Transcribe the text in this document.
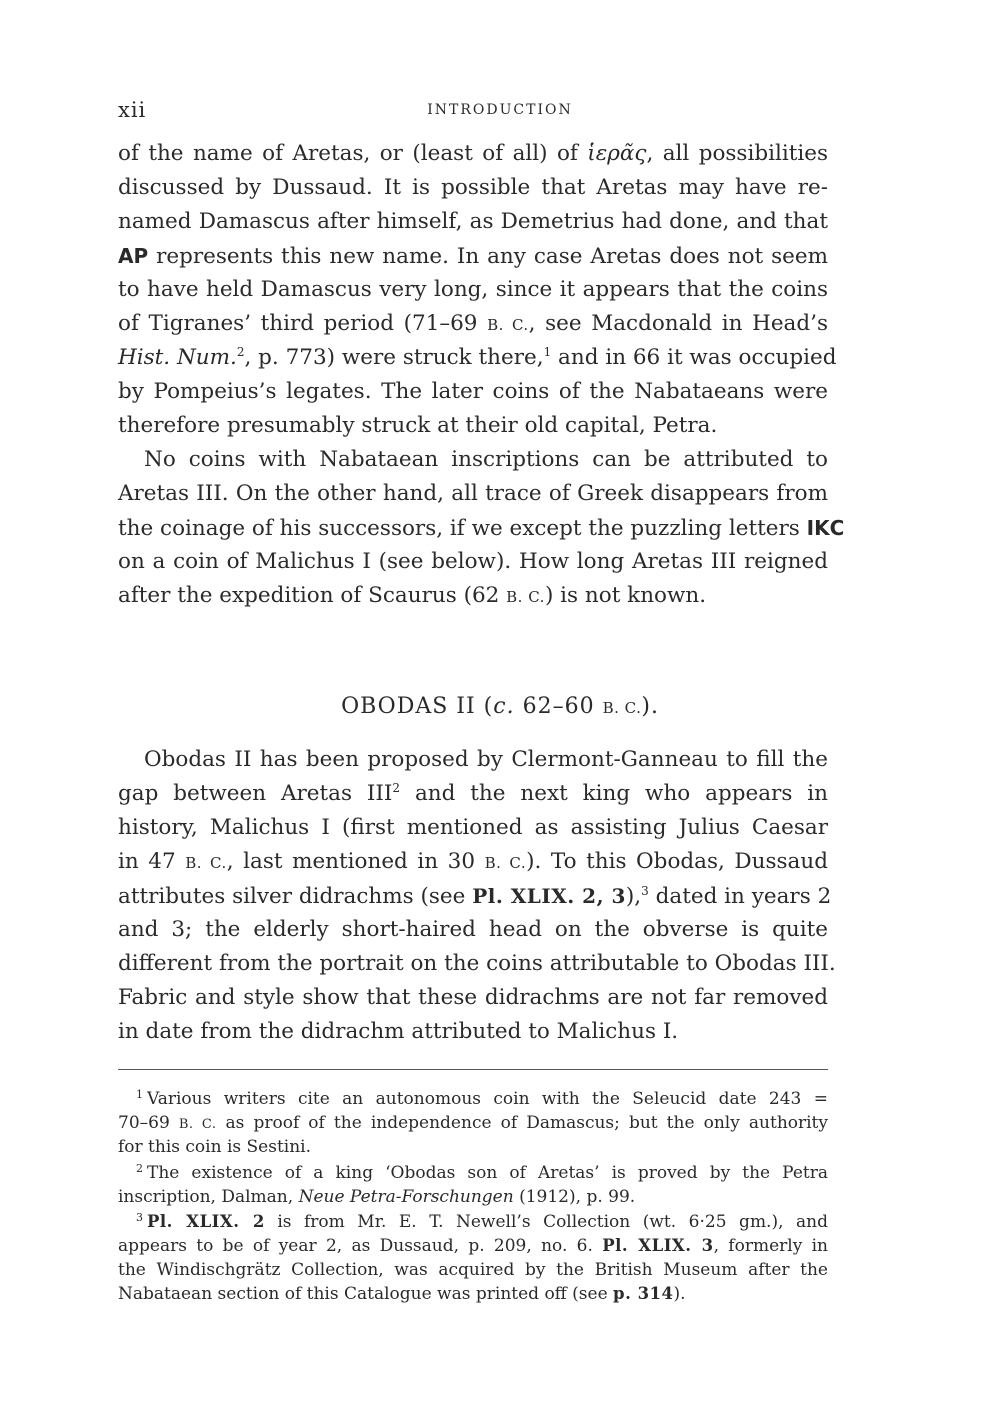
xii	INTRODUCTION
of the name of Aretas, or (least of all) of ἱερᾶς, all possibilities
discussed by Dussaud. It is possible that Aretas may have re-
named Damascus after himself, as Demetrius had done, and that
ΑΡ represents this new name. In any case Aretas does not seem
to have held Damascus very long, since it appears that the coins
of Tigranes’ third period (71–69 B. C., see Macdonald in Head’s
Hist. Num.$^2$, p. 773) were struck there,$^1$ and in 66 it was occupied
by Pompeius’s legates. The later coins of the Nabataeans were
therefore presumably struck at their old capital, Petra.
No coins with Nabataean inscriptions can be attributed to
Aretas III. On the other hand, all trace of Greek disappears from
the coinage of his successors, if we except the puzzling letters ΙΚC
on a coin of Malichus I (see below). How long Aretas III reigned
after the expedition of Scaurus (62 B. C.) is not known.
OBODAS II (c. 62–60 B. C.).
Obodas II has been proposed by Clermont-Ganneau to fill the
gap between Aretas III$^2$ and the next king who appears in
history, Malichus I (first mentioned as assisting Julius Caesar
in 47 B. C., last mentioned in 30 B. C.). To this Obodas, Dussaud
attributes silver didrachms (see Pl. XLIX. 2, 3),$^3$ dated in years 2
and 3; the elderly short-haired head on the obverse is quite
different from the portrait on the coins attributable to Obodas III.
Fabric and style show that these didrachms are not far removed
in date from the didrachm attributed to Malichus I.
$^1$ Various writers cite an autonomous coin with the Seleucid date 243 =
70–69 B. C. as proof of the independence of Damascus; but the only authority
for this coin is Sestini.
$^2$ The existence of a king ‘Obodas son of Aretas’ is proved by the Petra
inscription, Dalman, Neue Petra-Forschungen (1912), p. 99.
$^3$ Pl. XLIX. 2 is from Mr. E. T. Newell’s Collection (wt. 6·25 gm.), and
appears to be of year 2, as Dussaud, p. 209, no. 6. Pl. XLIX. 3, formerly in
the Windischgrätz Collection, was acquired by the British Museum after the
Nabataean section of this Catalogue was printed off (see p. 314).
